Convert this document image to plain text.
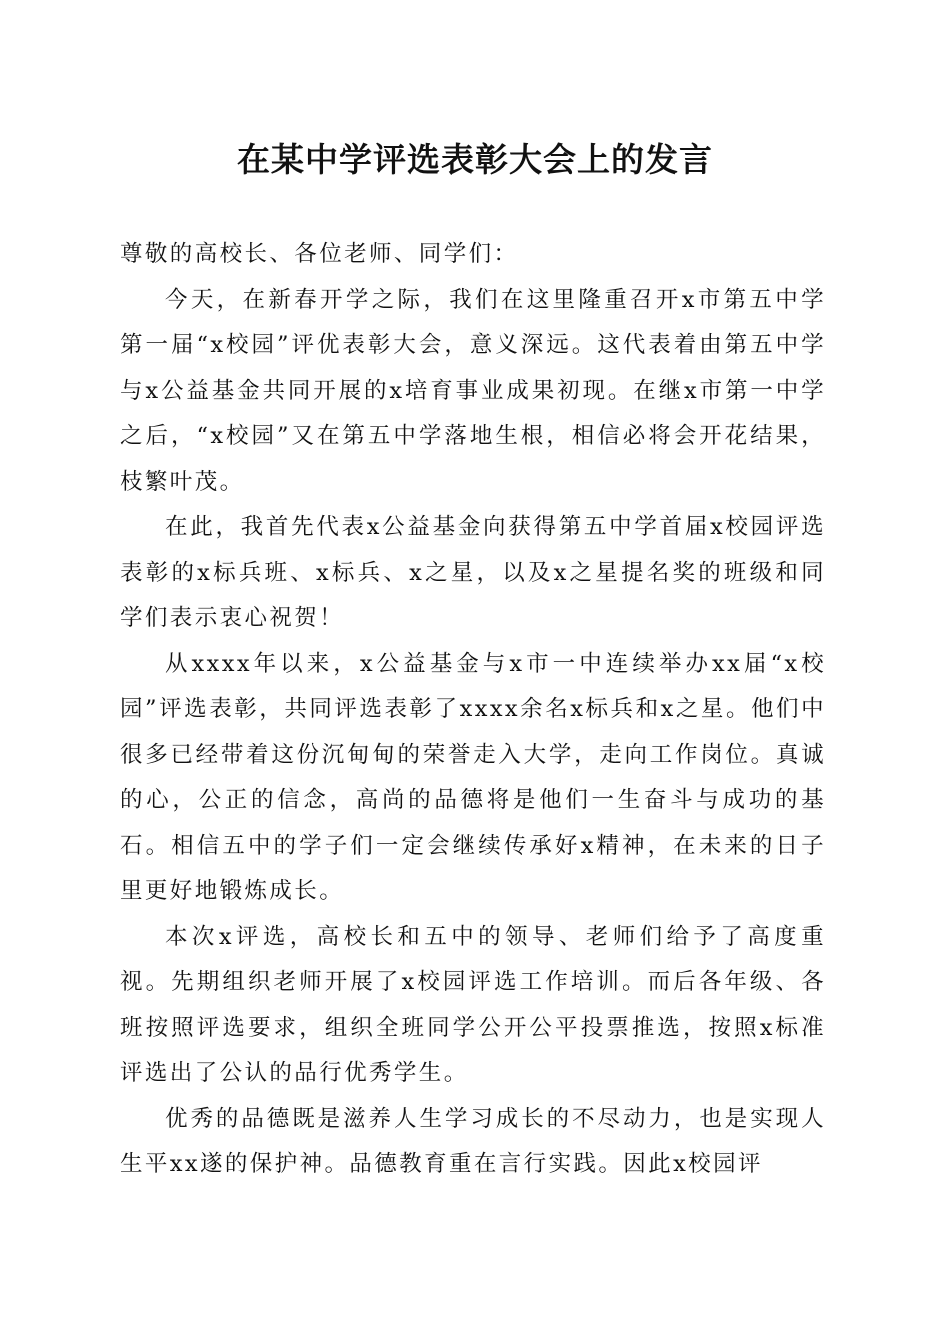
在某中学评选表彰大会上的发言

尊敬的高校长、各位老师、同学们：

今天，在新春开学之际，我们在这里隆重召开x市第五中学第一届“x校园”评优表彰大会，意义深远。这代表着由第五中学与x公益基金共同开展的x培育事业成果初现。在继x市第一中学之后，“x校园”又在第五中学落地生根，相信必将会开花结果，枝繁叶茂。

在此，我首先代表x公益基金向获得第五中学首届x校园评选表彰的x标兵班、x标兵、x之星，以及x之星提名奖的班级和同学们表示衷心祝贺！

从xxxx年以来，x公益基金与x市一中连续举办xx届“x校园”评选表彰，共同评选表彰了xxxx余名x标兵和x之星。他们中很多已经带着这份沉甸甸的荣誉走入大学，走向工作岗位。真诚的心，公正的信念，高尚的品德将是他们一生奋斗与成功的基石。相信五中的学子们一定会继续传承好x精神，在未来的日子里更好地锻炼成长。

本次x评选，高校长和五中的领导、老师们给予了高度重视。先期组织老师开展了x校园评选工作培训。而后各年级、各班按照评选要求，组织全班同学公开公平投票推选，按照x标准评选出了公认的品行优秀学生。

优秀的品德既是滋养人生学习成长的不尽动力，也是实现人生平xx遂的保护神。品德教育重在言行实践。因此x校园评
